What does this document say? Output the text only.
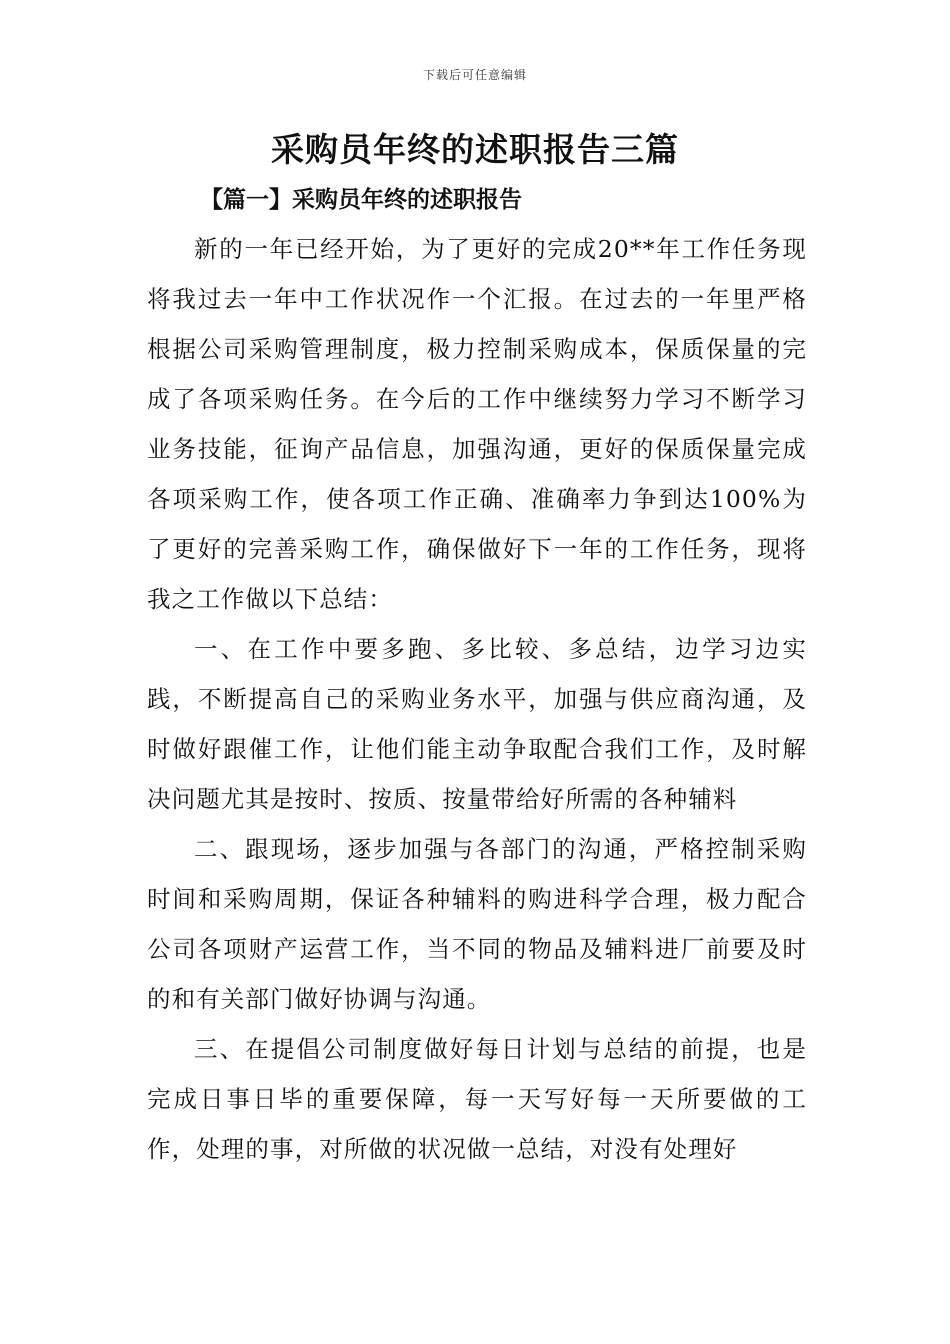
下载后可任意编辑
采购员年终的述职报告三篇
【篇一】采购员年终的述职报告

新的一年已经开始，为了更好的完成20**年工作任务现将我过去一年中工作状况作一个汇报。在过去的一年里严格根据公司采购管理制度，极力控制采购成本，保质保量的完成了各项采购任务。在今后的工作中继续努力学习不断学习业务技能，征询产品信息，加强沟通，更好的保质保量完成各项采购工作，使各项工作正确、准确率力争到达100%为了更好的完善采购工作，确保做好下一年的工作任务，现将我之工作做以下总结：

一、在工作中要多跑、多比较、多总结，边学习边实践，不断提高自己的采购业务水平，加强与供应商沟通，及时做好跟催工作，让他们能主动争取配合我们工作，及时解决问题尤其是按时、按质、按量带给好所需的各种辅料

二、跟现场，逐步加强与各部门的沟通，严格控制采购时间和采购周期，保证各种辅料的购进科学合理，极力配合公司各项财产运营工作，当不同的物品及辅料进厂前要及时的和有关部门做好协调与沟通。

三、在提倡公司制度做好每日计划与总结的前提，也是完成日事日毕的重要保障，每一天写好每一天所要做的工作，处理的事，对所做的状况做一总结，对没有处理好
